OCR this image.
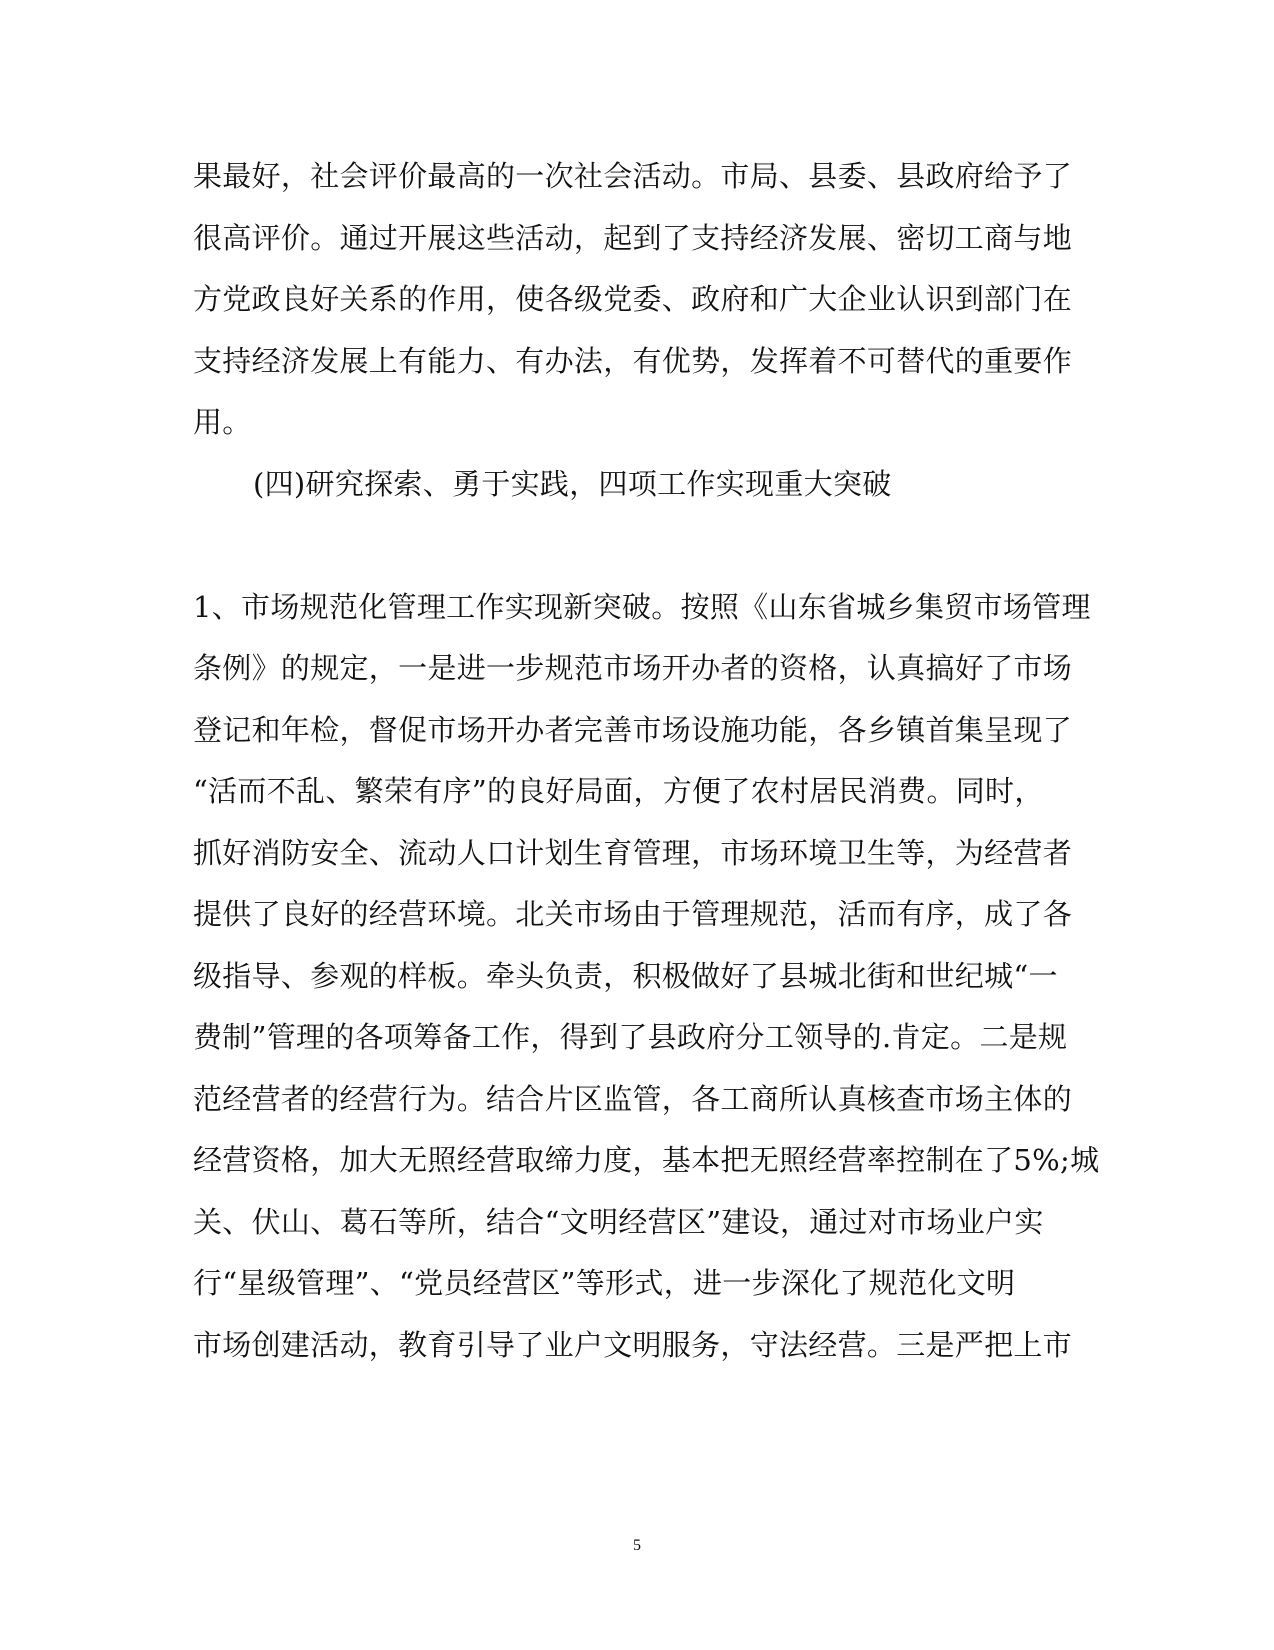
果最好，社会评价最高的一次社会活动。市局、县委、县政府给予了
很高评价。通过开展这些活动，起到了支持经济发展、密切工商与地
方党政良好关系的作用，使各级党委、政府和广大企业认识到部门在
支持经济发展上有能力、有办法，有优势，发挥着不可替代的重要作
用。
(四)研究探索、勇于实践，四项工作实现重大突破
1、市场规范化管理工作实现新突破。按照《山东省城乡集贸市场管理
条例》的规定，一是进一步规范市场开办者的资格，认真搞好了市场
登记和年检，督促市场开办者完善市场设施功能，各乡镇首集呈现了
“活而不乱、繁荣有序”的良好局面，方便了农村居民消费。同时，
抓好消防安全、流动人口计划生育管理，市场环境卫生等，为经营者
提供了良好的经营环境。北关市场由于管理规范，活而有序，成了各
级指导、参观的样板。牵头负责，积极做好了县城北街和世纪城“一
费制”管理的各项筹备工作，得到了县政府分工领导的.肯定。二是规
范经营者的经营行为。结合片区监管，各工商所认真核查市场主体的
经营资格，加大无照经营取缔力度，基本把无照经营率控制在了5%;城
关、伏山、葛石等所，结合“文明经营区”建设，通过对市场业户实
行“星级管理”、“党员经营区”等形式，进一步深化了规范化文明
市场创建活动，教育引导了业户文明服务，守法经营。三是严把上市
5
